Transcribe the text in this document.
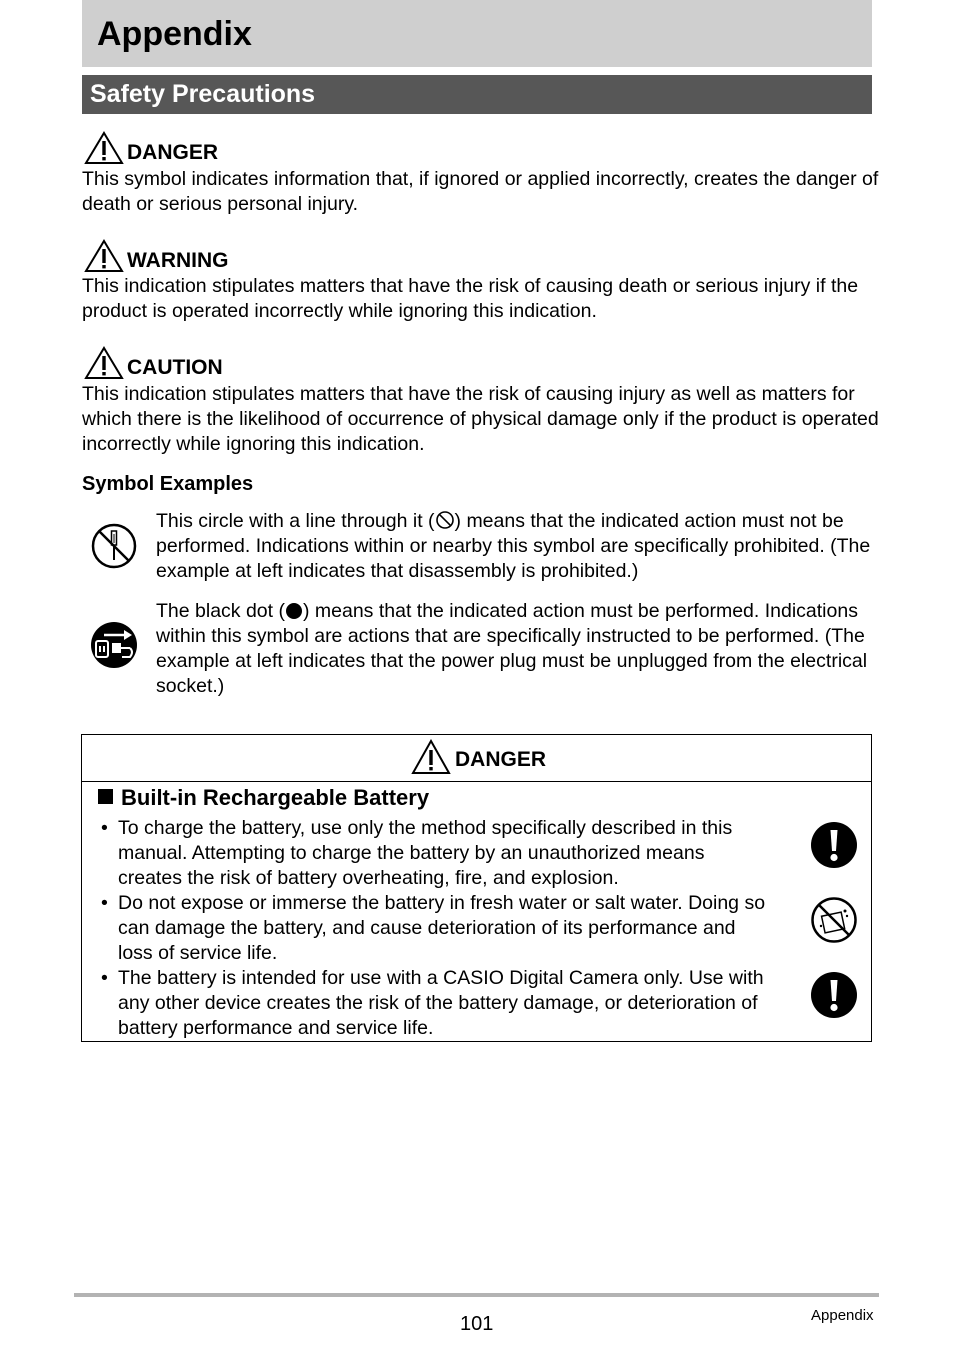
Appendix
Safety Precautions
DANGER
This symbol indicates information that, if ignored or applied incorrectly, creates the danger of death or serious personal injury.
WARNING
This indication stipulates matters that have the risk of causing death or serious injury if the product is operated incorrectly while ignoring this indication.
CAUTION
This indication stipulates matters that have the risk of causing injury as well as matters for which there is the likelihood of occurrence of physical damage only if the product is operated incorrectly while ignoring this indication.
Symbol Examples
This circle with a line through it ( ) means that the indicated action must not be performed. Indications within or nearby this symbol are specifically prohibited. (The example at left indicates that disassembly is prohibited.)
The black dot ( ) means that the indicated action must be performed. Indications within this symbol are actions that are specifically instructed to be performed. (The example at left indicates that the power plug must be unplugged from the electrical socket.)
DANGER
Built-in Rechargeable Battery
• To charge the battery, use only the method specifically described in this manual. Attempting to charge the battery by an unauthorized means creates the risk of battery overheating, fire, and explosion.
• Do not expose or immerse the battery in fresh water or salt water. Doing so can damage the battery, and cause deterioration of its performance and loss of service life.
• The battery is intended for use with a CASIO Digital Camera only. Use with any other device creates the risk of the battery damage, or deterioration of battery performance and service life.
101	Appendix
